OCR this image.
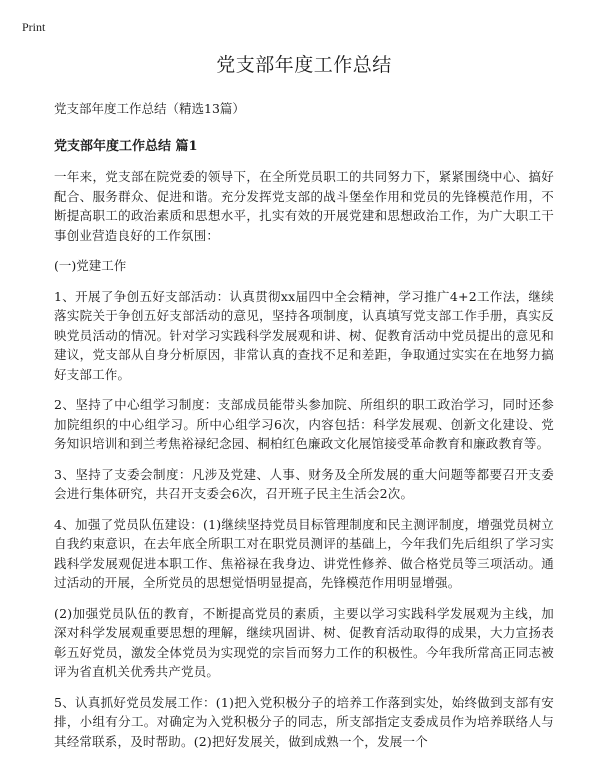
Print
党支部年度工作总结

党支部年度工作总结（精选13篇）

党支部年度工作总结 篇1

一年来，党支部在院党委的领导下，在全所党员职工的共同努力下，紧紧围绕中心、搞好配合、服务群众、促进和谐。充分发挥党支部的战斗堡垒作用和党员的先锋模范作用，不断提高职工的政治素质和思想水平，扎实有效的开展党建和思想政治工作，为广大职工干事创业营造良好的工作氛围：

(一)党建工作

1、开展了争创五好支部活动：认真贯彻xx届四中全会精神，学习推广4+2工作法，继续落实院关于争创五好支部活动的意见，坚持各项制度，认真填写党支部工作手册，真实反映党员活动的情况。针对学习实践科学发展观和讲、树、促教育活动中党员提出的意见和建议，党支部从自身分析原因，非常认真的查找不足和差距，争取通过实实在在地努力搞好支部工作。

2、坚持了中心组学习制度：支部成员能带头参加院、所组织的职工政治学习，同时还参加院组织的中心组学习。所中心组学习6次，内容包括：科学发展观、创新文化建设、党务知识培训和到兰考焦裕禄纪念园、桐柏红色廉政文化展馆接受革命教育和廉政教育等。

3、坚持了支委会制度：凡涉及党建、人事、财务及全所发展的重大问题等都要召开支委会进行集体研究，共召开支委会6次，召开班子民主生活会2次。

4、加强了党员队伍建设：(1)继续坚持党员目标管理制度和民主测评制度，增强党员树立自我约束意识，在去年底全所职工对在职党员测评的基础上，今年我们先后组织了学习实践科学发展观促进本职工作、焦裕禄在我身边、讲党性修养、做合格党员等三项活动。通过活动的开展，全所党员的思想觉悟明显提高，先锋模范作用明显增强。

(2)加强党员队伍的教育，不断提高党员的素质，主要以学习实践科学发展观为主线，加深对科学发展观重要思想的理解，继续巩固讲、树、促教育活动取得的成果，大力宣扬表彰五好党员，激发全体党员为实现党的宗旨而努力工作的积极性。今年我所常高正同志被评为省直机关优秀共产党员。

5、认真抓好党员发展工作：(1)把入党积极分子的培养工作落到实处，始终做到支部有安排，小组有分工。对确定为入党积极分子的同志，所支部指定支委成员作为培养联络人与其经常联系，及时帮助。(2)把好发展关，做到成熟一个，发展一个
